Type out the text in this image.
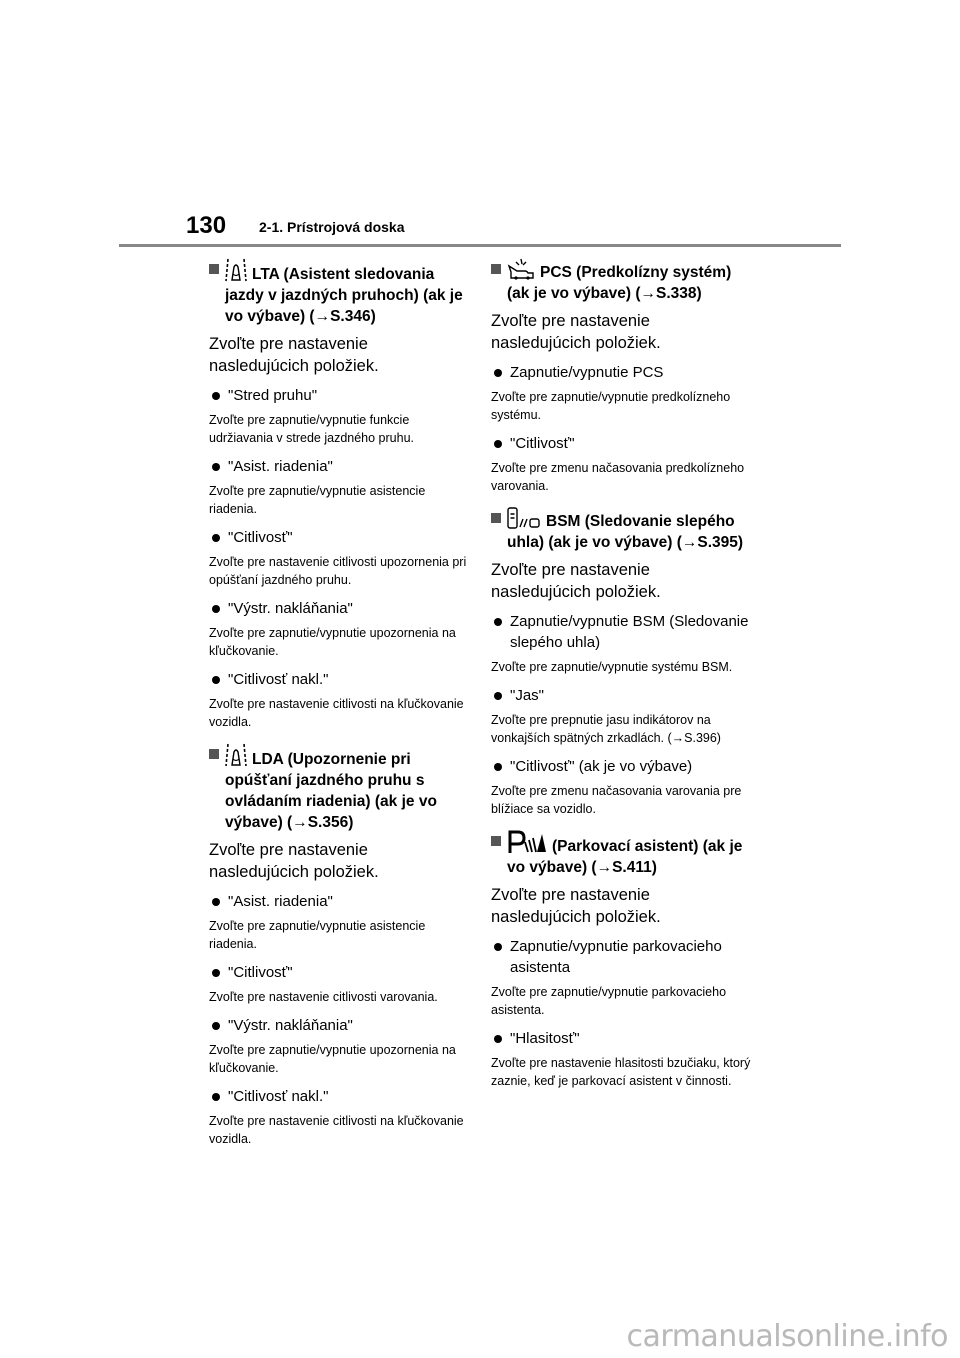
130 2-1. Prístrojová doska
LTA (Asistent sledovania jazdy v jazdných pruhoch) (ak je vo výbave) (→S.346)
Zvoľte pre nastavenie nasledujúcich položiek.
"Stred pruhu"
Zvoľte pre zapnutie/vypnutie funkcie udržiavania v strede jazdného pruhu.
"Asist. riadenia"
Zvoľte pre zapnutie/vypnutie asistencie riadenia.
"Citlivosť"
Zvoľte pre nastavenie citlivosti upozornenia pri opúšťaní jazdného pruhu.
"Výstr. nakláňania"
Zvoľte pre zapnutie/vypnutie upozornenia na kľučkovanie.
"Citlivosť nakl."
Zvoľte pre nastavenie citlivosti na kľučkovanie vozidla.
LDA (Upozornenie pri opúšťaní jazdného pruhu s ovládaním riadenia) (ak je vo výbave) (→S.356)
Zvoľte pre nastavenie nasledujúcich položiek.
"Asist. riadenia"
Zvoľte pre zapnutie/vypnutie asistencie riadenia.
"Citlivosť"
Zvoľte pre nastavenie citlivosti varovania.
"Výstr. nakláňania"
Zvoľte pre zapnutie/vypnutie upozornenia na kľučkovanie.
"Citlivosť nakl."
Zvoľte pre nastavenie citlivosti na kľučkovanie vozidla.
PCS (Predkolízny systém) (ak je vo výbave) (→S.338)
Zvoľte pre nastavenie nasledujúcich položiek.
Zapnutie/vypnutie PCS
Zvoľte pre zapnutie/vypnutie predkolízneho systému.
"Citlivosť"
Zvoľte pre zmenu načasovania predkolízneho varovania.
BSM (Sledovanie slepého uhla) (ak je vo výbave) (→S.395)
Zvoľte pre nastavenie nasledujúcich položiek.
Zapnutie/vypnutie BSM (Sledovanie slepého uhla)
Zvoľte pre zapnutie/vypnutie systému BSM.
"Jas"
Zvoľte pre prepnutie jasu indikátorov na vonkajších spätných zrkadlách. (→S.396)
"Citlivosť" (ak je vo výbave)
Zvoľte pre zmenu načasovania varovania pre blížiace sa vozidlo.
(Parkovací asistent) (ak je vo výbave) (→S.411)
Zvoľte pre nastavenie nasledujúcich položiek.
Zapnutie/vypnutie parkovacieho asistenta
Zvoľte pre zapnutie/vypnutie parkovacieho asistenta.
"Hlasitosť"
Zvoľte pre nastavenie hlasitosti bzučiaku, ktorý zaznie, keď je parkovací asistent v činnosti.
carmanualsonline.info
